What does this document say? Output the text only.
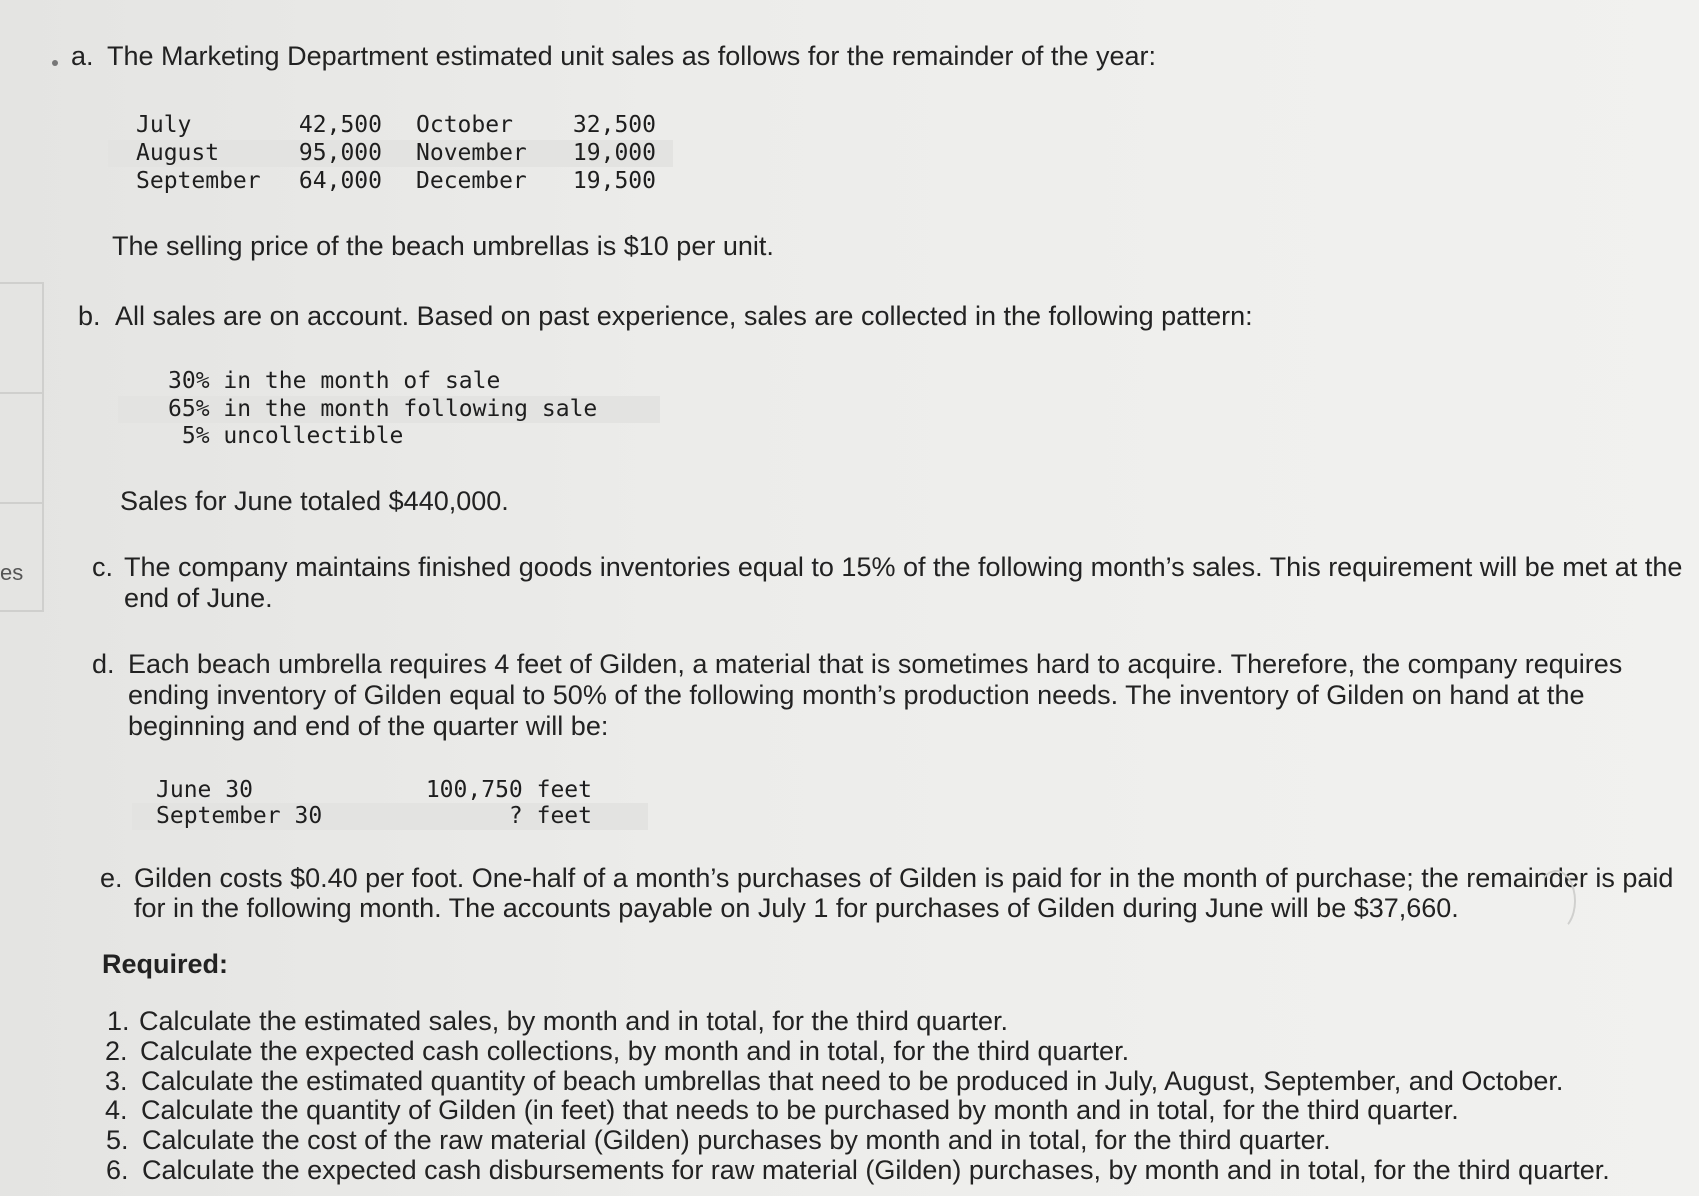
es
a. The Marketing Department estimated unit sales as follows for the remainder of the year:
July	42,500 October	32,500
August	95,000 November	19,000
September	64,000 December	19,500
The selling price of the beach umbrellas is $10 per unit.
b. All sales are on account. Based on past experience, sales are collected in the following pattern:
30% in the month of sale
65% in the month following sale
5% uncollectible
Sales for June totaled $440,000.
c. The company maintains finished goods inventories equal to 15% of the following month’s sales. This requirement will be met at the
end of June.
d. Each beach umbrella requires 4 feet of Gilden, a material that is sometimes hard to acquire. Therefore, the company requires
ending inventory of Gilden equal to 50% of the following month’s production needs. The inventory of Gilden on hand at the
beginning and end of the quarter will be:
June 30	100,750 feet
September 30	? feet
e. Gilden costs $0.40 per foot. One-half of a month’s purchases of Gilden is paid for in the month of purchase; the remainder is paid
for in the following month. The accounts payable on July 1 for purchases of Gilden during June will be $37,660.
Required:
1. Calculate the estimated sales, by month and in total, for the third quarter.
2. Calculate the expected cash collections, by month and in total, for the third quarter.
3. Calculate the estimated quantity of beach umbrellas that need to be produced in July, August, September, and October.
4. Calculate the quantity of Gilden (in feet) that needs to be purchased by month and in total, for the third quarter.
5. Calculate the cost of the raw material (Gilden) purchases by month and in total, for the third quarter.
6. Calculate the expected cash disbursements for raw material (Gilden) purchases, by month and in total, for the third quarter.
